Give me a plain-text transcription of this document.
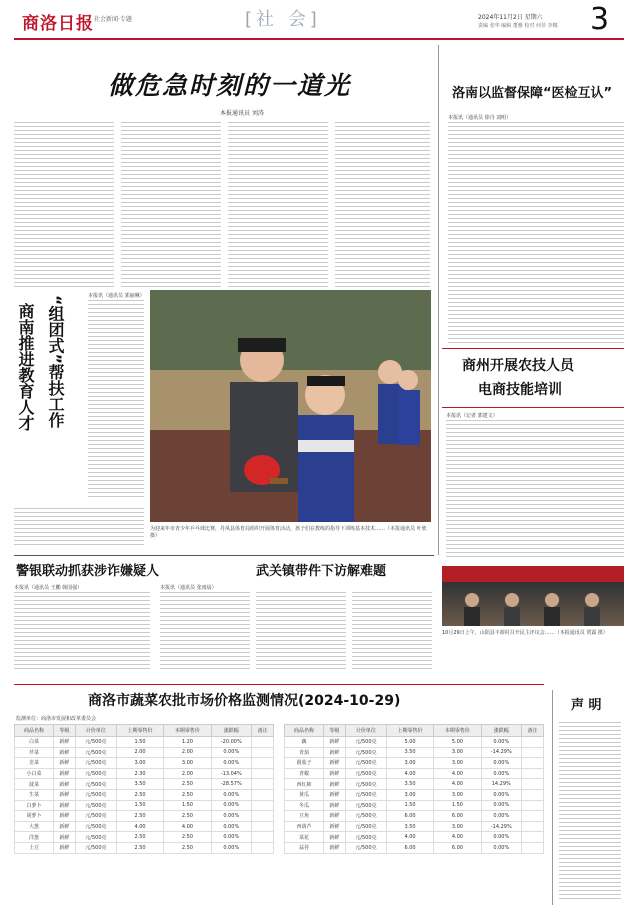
商洛日报 社会新闻·专题	[社 会]	2024年11月2日 星期六
责编 张华 编辑 董雅 校对 何菲 李娜 3
做危急时刻的一道光
本报通讯员 刘涛
洛南以监督保障“医检互认”
本报讯（通讯员 徐丹 刘明）
商南推进教育人才 “组团式”帮扶工作	本报讯（通讯员 郭丽琳）
为迎来年市青少年乒乓球比赛，丹凤县体育局组织开展体育活动，孩子们在教练的指导下训练基本技术……（本报通讯员 叶欣 摄）
商州开展农技人员
电商技能培训
本报讯（记者 郭建文）
警银联动抓获涉诈嫌疑人
本报讯（通讯员 王鹏 韩国强）
武关镇带件下访解难题
本报讯（通讯员 张雨晨）
10月29日上午，山阳县丰源村召开民主评议会……（本报通讯员 贾露 摄）
商洛市蔬菜农批市场价格监测情况(2024-10-29)
监测单位：商洛市发展和改革委员会
商品名称	等级	计价单位	上期零售价	本期零售价	涨跌幅	备注
白菜	新鲜	元/500克	1.50	1.20	-20.00%	
芹菜	新鲜	元/500克	2.00	2.00	0.00%	
韭菜	新鲜	元/500克	3.00	3.00	0.00%	
小白菜	新鲜	元/500克	2.30	2.00	-13.04%	
菠菜	新鲜	元/500克	3.50	2.50	-28.57%	
生菜	新鲜	元/500克	2.50	2.50	0.00%	
白萝卜	新鲜	元/500克	1.50	1.50	0.00%	
胡萝卜	新鲜	元/500克	2.50	2.50	0.00%	
大葱	新鲜	元/500克	4.00	4.00	0.00%	
洋葱	新鲜	元/500克	2.50	2.50	0.00%	
土豆	新鲜	元/500克	2.50	2.50	0.00%	
商品名称	等级	计价单位	上期零售价	本期零售价	涨跌幅	备注
藕	新鲜	元/500克	5.00	5.00	0.00%	
青茄	新鲜	元/500克	3.50	3.00	-14.29%	
圆茄子	新鲜	元/500克	3.00	3.00	0.00%	
青椒	新鲜	元/500克	4.00	4.00	0.00%	
西红柿	新鲜	元/500克	3.50	4.00	14.29%	
黄瓜	新鲜	元/500克	3.00	3.00	0.00%	
冬瓜	新鲜	元/500克	1.50	1.50	0.00%	
豆角	新鲜	元/500克	6.00	6.00	0.00%	
西葫芦	新鲜	元/500克	3.50	3.00	-14.29%	
菜花	新鲜	元/500克	4.00	4.00	0.00%	
蒜苔	新鲜	元/500克	6.00	6.00	0.00%	
声 明
